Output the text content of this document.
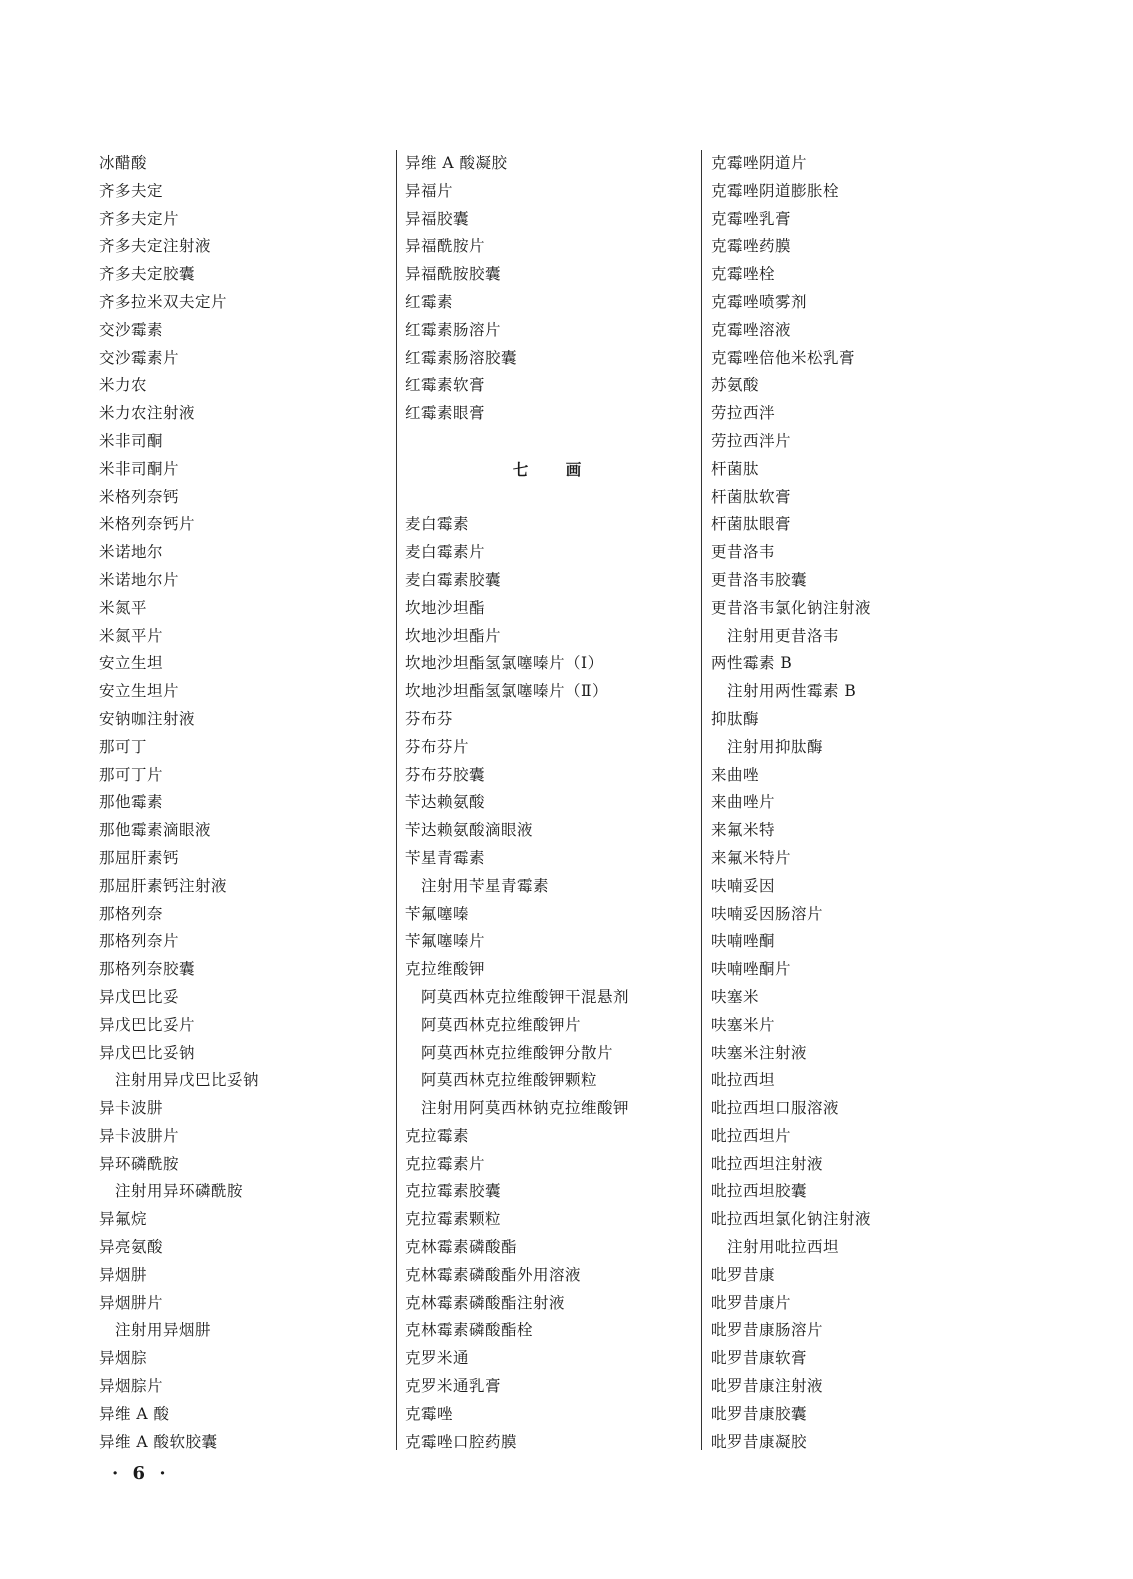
冰醋酸
齐多夫定
齐多夫定片
齐多夫定注射液
齐多夫定胶囊
齐多拉米双夫定片
交沙霉素
交沙霉素片
米力农
米力农注射液
米非司酮
米非司酮片
米格列奈钙
米格列奈钙片
米诺地尔
米诺地尔片
米氮平
米氮平片
安立生坦
安立生坦片
安钠咖注射液
那可丁
那可丁片
那他霉素
那他霉素滴眼液
那屈肝素钙
那屈肝素钙注射液
那格列奈
那格列奈片
那格列奈胶囊
异戊巴比妥
异戊巴比妥片
异戊巴比妥钠
注射用异戊巴比妥钠
异卡波肼
异卡波肼片
异环磷酰胺
注射用异环磷酰胺
异氟烷
异亮氨酸
异烟肼
异烟肼片
注射用异烟肼
异烟腙
异烟腙片
异维 A 酸
异维 A 酸软胶囊
异维 A 酸凝胶
异福片
异福胶囊
异福酰胺片
异福酰胺胶囊
红霉素
红霉素肠溶片
红霉素肠溶胶囊
红霉素软膏
红霉素眼膏
七 画
麦白霉素
麦白霉素片
麦白霉素胶囊
坎地沙坦酯
坎地沙坦酯片
坎地沙坦酯氢氯噻嗪片（Ⅰ）
坎地沙坦酯氢氯噻嗪片（Ⅱ）
芬布芬
芬布芬片
芬布芬胶囊
苄达赖氨酸
苄达赖氨酸滴眼液
苄星青霉素
注射用苄星青霉素
苄氟噻嗪
苄氟噻嗪片
克拉维酸钾
阿莫西林克拉维酸钾干混悬剂
阿莫西林克拉维酸钾片
阿莫西林克拉维酸钾分散片
阿莫西林克拉维酸钾颗粒
注射用阿莫西林钠克拉维酸钾
克拉霉素
克拉霉素片
克拉霉素胶囊
克拉霉素颗粒
克林霉素磷酸酯
克林霉素磷酸酯外用溶液
克林霉素磷酸酯注射液
克林霉素磷酸酯栓
克罗米通
克罗米通乳膏
克霉唑
克霉唑口腔药膜
克霉唑阴道片
克霉唑阴道膨胀栓
克霉唑乳膏
克霉唑药膜
克霉唑栓
克霉唑喷雾剂
克霉唑溶液
克霉唑倍他米松乳膏
苏氨酸
劳拉西泮
劳拉西泮片
杆菌肽
杆菌肽软膏
杆菌肽眼膏
更昔洛韦
更昔洛韦胶囊
更昔洛韦氯化钠注射液
注射用更昔洛韦
两性霉素 B
注射用两性霉素 B
抑肽酶
注射用抑肽酶
来曲唑
来曲唑片
来氟米特
来氟米特片
呋喃妥因
呋喃妥因肠溶片
呋喃唑酮
呋喃唑酮片
呋塞米
呋塞米片
呋塞米注射液
吡拉西坦
吡拉西坦口服溶液
吡拉西坦片
吡拉西坦注射液
吡拉西坦胶囊
吡拉西坦氯化钠注射液
注射用吡拉西坦
吡罗昔康
吡罗昔康片
吡罗昔康肠溶片
吡罗昔康软膏
吡罗昔康注射液
吡罗昔康胶囊
吡罗昔康凝胶
· 6 ·
